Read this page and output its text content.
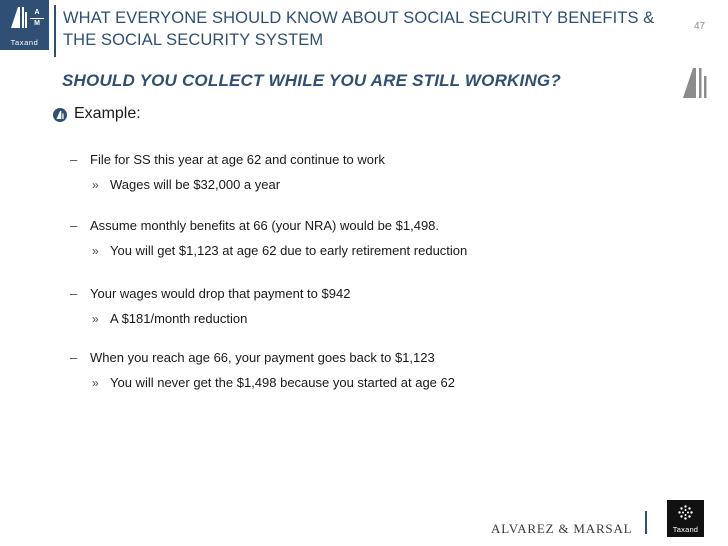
A
M
Taxand
WHAT EVERYONE SHOULD KNOW ABOUT SOCIAL SECURITY BENEFITS & THE SOCIAL SECURITY SYSTEM
47
SHOULD YOU COLLECT WHILE YOU ARE STILL WORKING?
Example:
– File for SS this year at age 62 and continue to work
» Wages will be $32,000 a year
– Assume monthly benefits at 66 (your NRA) would be $1,498.
» You will get $1,123 at age 62 due to early retirement reduction
– Your wages would drop that payment to $942
» A $181/month reduction
– When you reach age 66, your payment goes back to $1,123
» You will never get the $1,498 because you started at age 62
ALVAREZ & MARSAL	Taxand
